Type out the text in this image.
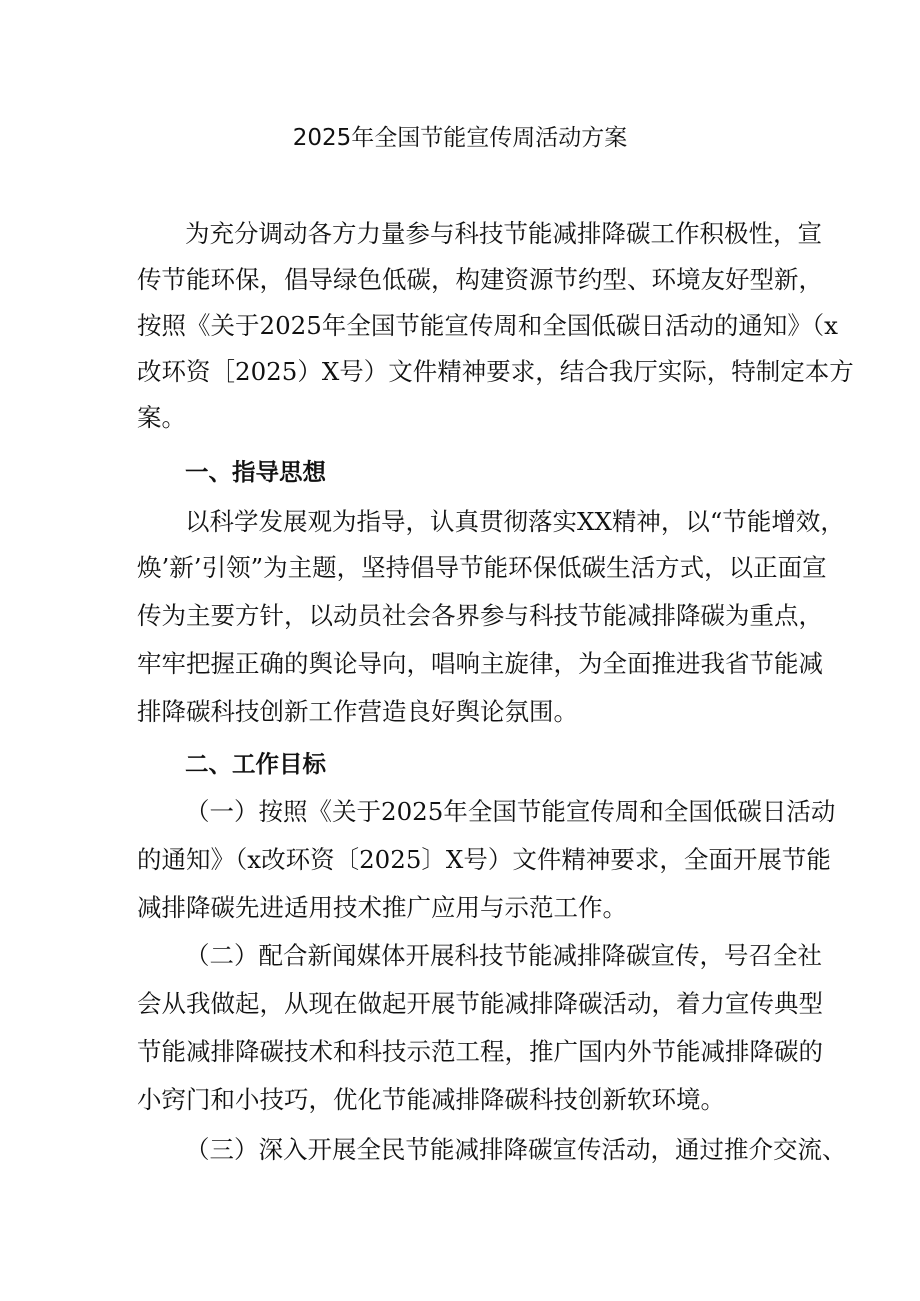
2025年全国节能宣传周活动方案
为充分调动各方力量参与科技节能减排降碳工作积极性，宣
传节能环保，倡导绿色低碳，构建资源节约型、环境友好型新，
按照《关于2025年全国节能宣传周和全国低碳日活动的通知》（x
改环资［2025）X号）文件精神要求，结合我厅实际，特制定本方
案。
一、指导思想
以科学发展观为指导，认真贯彻落实XX精神，以“节能增效，
焕’新’引领”为主题，坚持倡导节能环保低碳生活方式，以正面宣
传为主要方针，以动员社会各界参与科技节能减排降碳为重点，
牢牢把握正确的舆论导向，唱响主旋律，为全面推进我省节能减
排降碳科技创新工作营造良好舆论氛围。
二、工作目标
（一）按照《关于2025年全国节能宣传周和全国低碳日活动
的通知》（x改环资〔2025〕X号）文件精神要求，全面开展节能
减排降碳先进适用技术推广应用与示范工作。
（二）配合新闻媒体开展科技节能减排降碳宣传，号召全社
会从我做起，从现在做起开展节能减排降碳活动，着力宣传典型
节能减排降碳技术和科技示范工程，推广国内外节能减排降碳的
小窍门和小技巧，优化节能减排降碳科技创新软环境。
（三）深入开展全民节能减排降碳宣传活动，通过推介交流、
